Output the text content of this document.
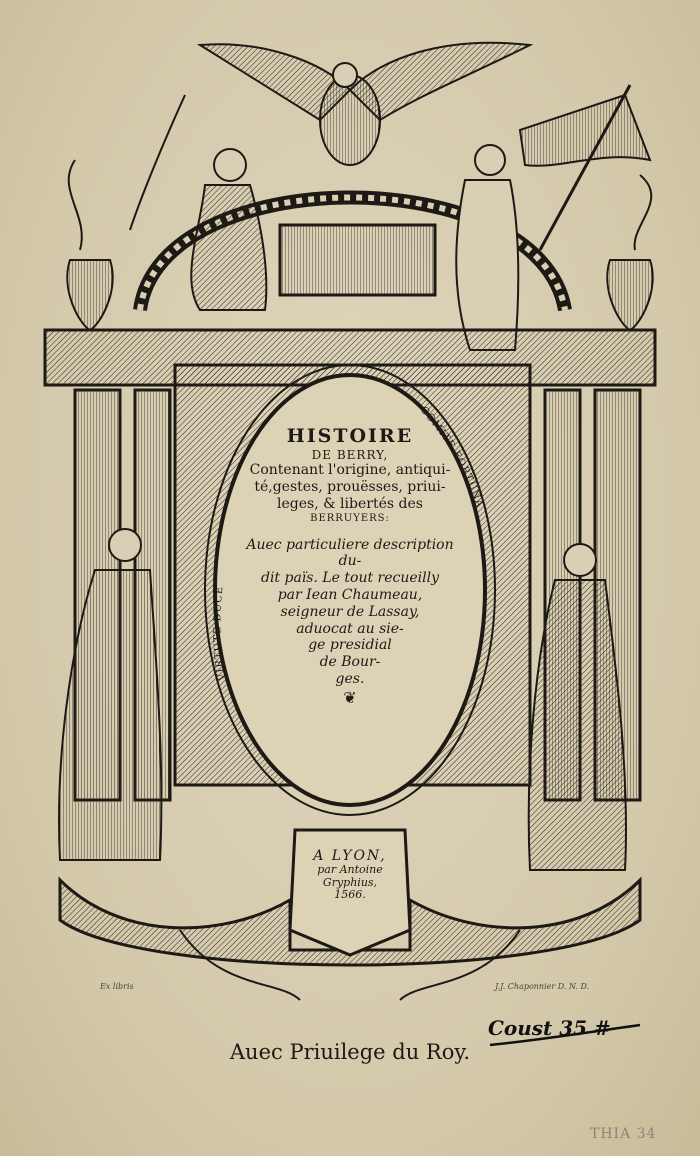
VIRTUTE DUCE
COMITE FORTUNA
HISTOIRE
DE BERRY,
Contenant l'origine, antiqui-
té,gestes, prouësses, priui-
leges, & libertés des
BERRUYERS:
Auec particuliere description du-
dit païs. Le tout recueilly
par Iean Chaumeau,
seigneur de Lassay,
aduocat au sie-
ge presidial
de Bour-
ges.
❦
A LYON,
par Antoine
Gryphius,
1566.
Ex libris	J.J. Chaponnier D. N. D.
Coust 35 #
Auec Priuilege du Roy.
THIA 34
